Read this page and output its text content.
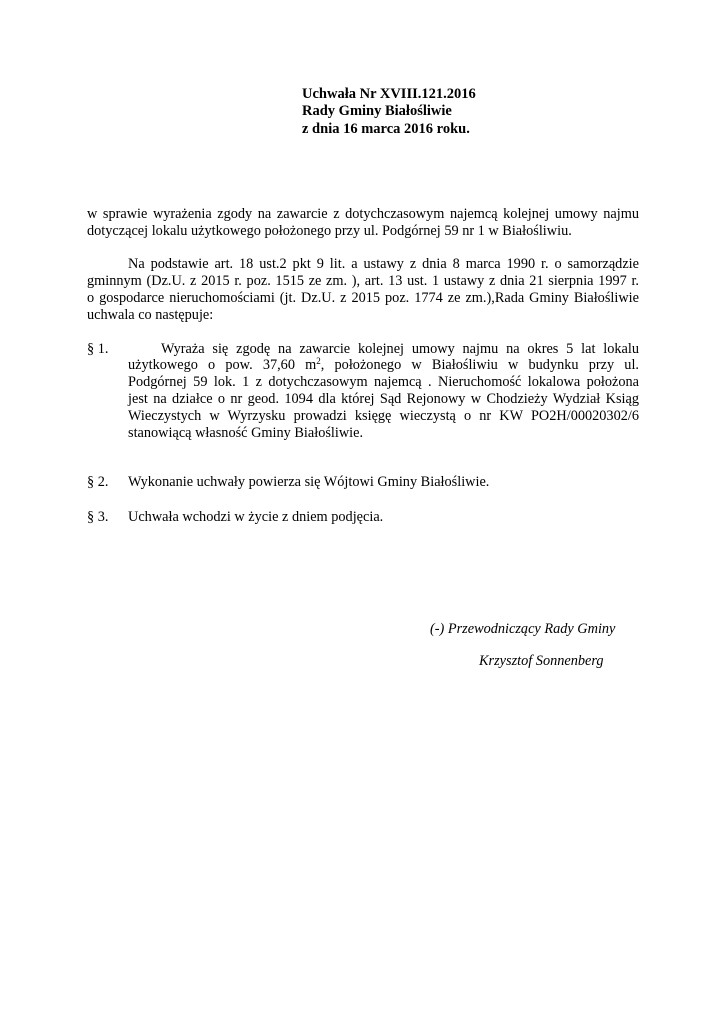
Uchwała Nr XVIII.121.2016
Rady Gminy Białośliwie
z dnia 16 marca 2016 roku.
w sprawie wyrażenia zgody na zawarcie z dotychczasowym najemcą kolejnej umowy najmu
dotyczącej lokalu użytkowego położonego przy ul. Podgórnej 59 nr 1 w Białośliwiu.
Na podstawie art. 18 ust.2 pkt 9 lit. a ustawy z dnia 8 marca 1990 r. o samorządzie
gminnym (Dz.U. z 2015 r. poz. 1515 ze zm. ), art. 13 ust. 1 ustawy z dnia 21 sierpnia 1997 r.
o gospodarce nieruchomościami (jt. Dz.U. z 2015 poz. 1774 ze zm.),Rada Gminy Białośliwie
uchwala co następuje:
§ 1.	Wyraża się zgodę na zawarcie kolejnej umowy najmu na okres 5 lat lokalu
użytkowego o pow. 37,60 $m^2$, położonego w Białośliwiu w budynku przy ul.
Podgórnej 59 lok. 1 z dotychczasowym najemcą . Nieruchomość lokalowa położona
jest na działce o nr geod. 1094 dla której Sąd Rejonowy w Chodzieży Wydział Ksiąg
Wieczystych w Wyrzysku prowadzi księgę wieczystą o nr KW PO2H/00020302/6
stanowiącą własność Gminy Białośliwie.
§ 2. Wykonanie uchwały powierza się Wójtowi Gminy Białośliwie.
§ 3. Uchwała wchodzi w życie z dniem podjęcia.
(-) Przewodniczący Rady Gminy
Krzysztof Sonnenberg
